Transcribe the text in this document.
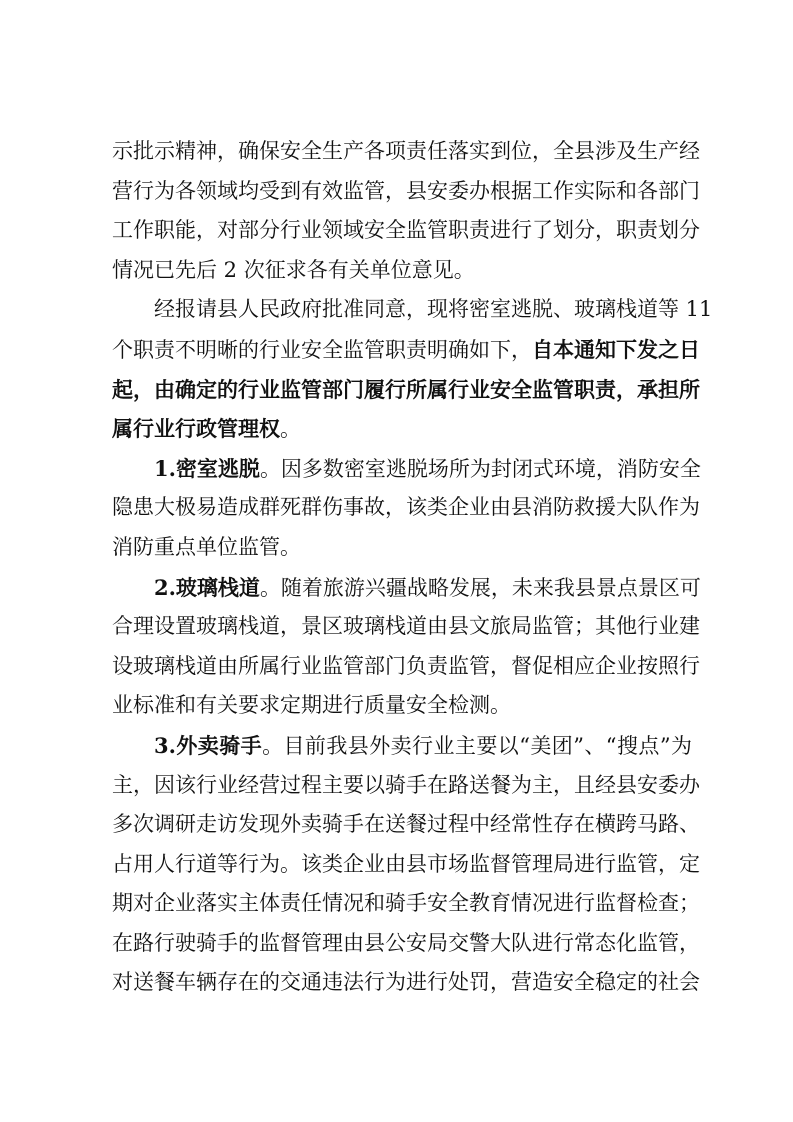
示批示精神，确保安全生产各项责任落实到位，全县涉及生产经
营行为各领域均受到有效监管，县安委办根据工作实际和各部门
工作职能，对部分行业领域安全监管职责进行了划分，职责划分
情况已先后 2 次征求各有关单位意见。
经报请县人民政府批准同意，现将密室逃脱、玻璃栈道等 11
个职责不明晰的行业安全监管职责明确如下，自本通知下发之日
起，由确定的行业监管部门履行所属行业安全监管职责，承担所
属行业行政管理权。
1.密室逃脱。因多数密室逃脱场所为封闭式环境，消防安全
隐患大极易造成群死群伤事故，该类企业由县消防救援大队作为
消防重点单位监管。
2.玻璃栈道。随着旅游兴疆战略发展，未来我县景点景区可
合理设置玻璃栈道，景区玻璃栈道由县文旅局监管；其他行业建
设玻璃栈道由所属行业监管部门负责监管，督促相应企业按照行
业标准和有关要求定期进行质量安全检测。
3.外卖骑手。目前我县外卖行业主要以“美团”、“搜点”为
主，因该行业经营过程主要以骑手在路送餐为主，且经县安委办
多次调研走访发现外卖骑手在送餐过程中经常性存在横跨马路、
占用人行道等行为。该类企业由县市场监督管理局进行监管，定
期对企业落实主体责任情况和骑手安全教育情况进行监督检查；
在路行驶骑手的监督管理由县公安局交警大队进行常态化监管，
对送餐车辆存在的交通违法行为进行处罚，营造安全稳定的社会
